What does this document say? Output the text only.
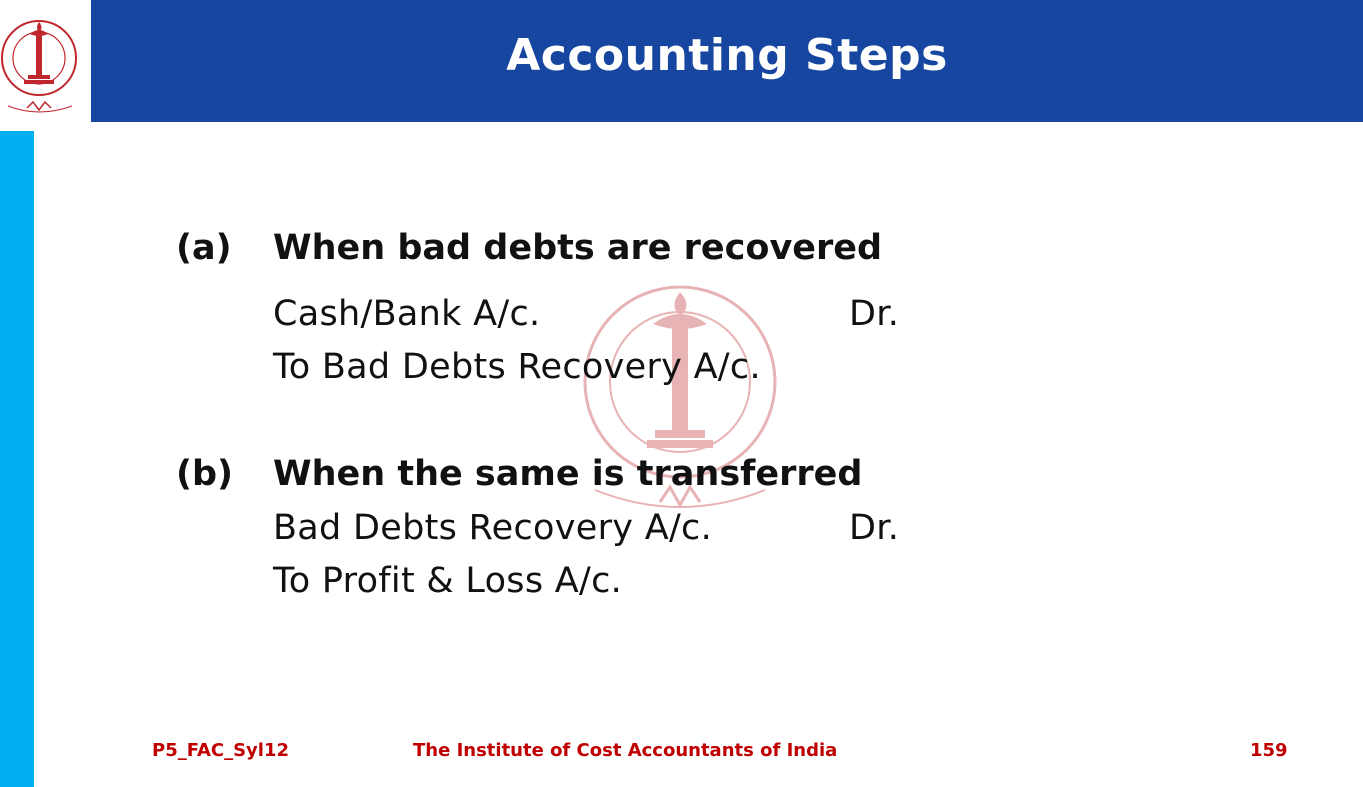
Accounting Steps
(a) When bad debts are recovered
Cash/Bank A/c.	Dr.
To Bad Debts Recovery A/c.
(b) When the same is transferred
Bad Debts Recovery A/c.	Dr.
To Profit & Loss A/c.
P5_FAC_Syl12	The Institute of Cost Accountants of India	159
